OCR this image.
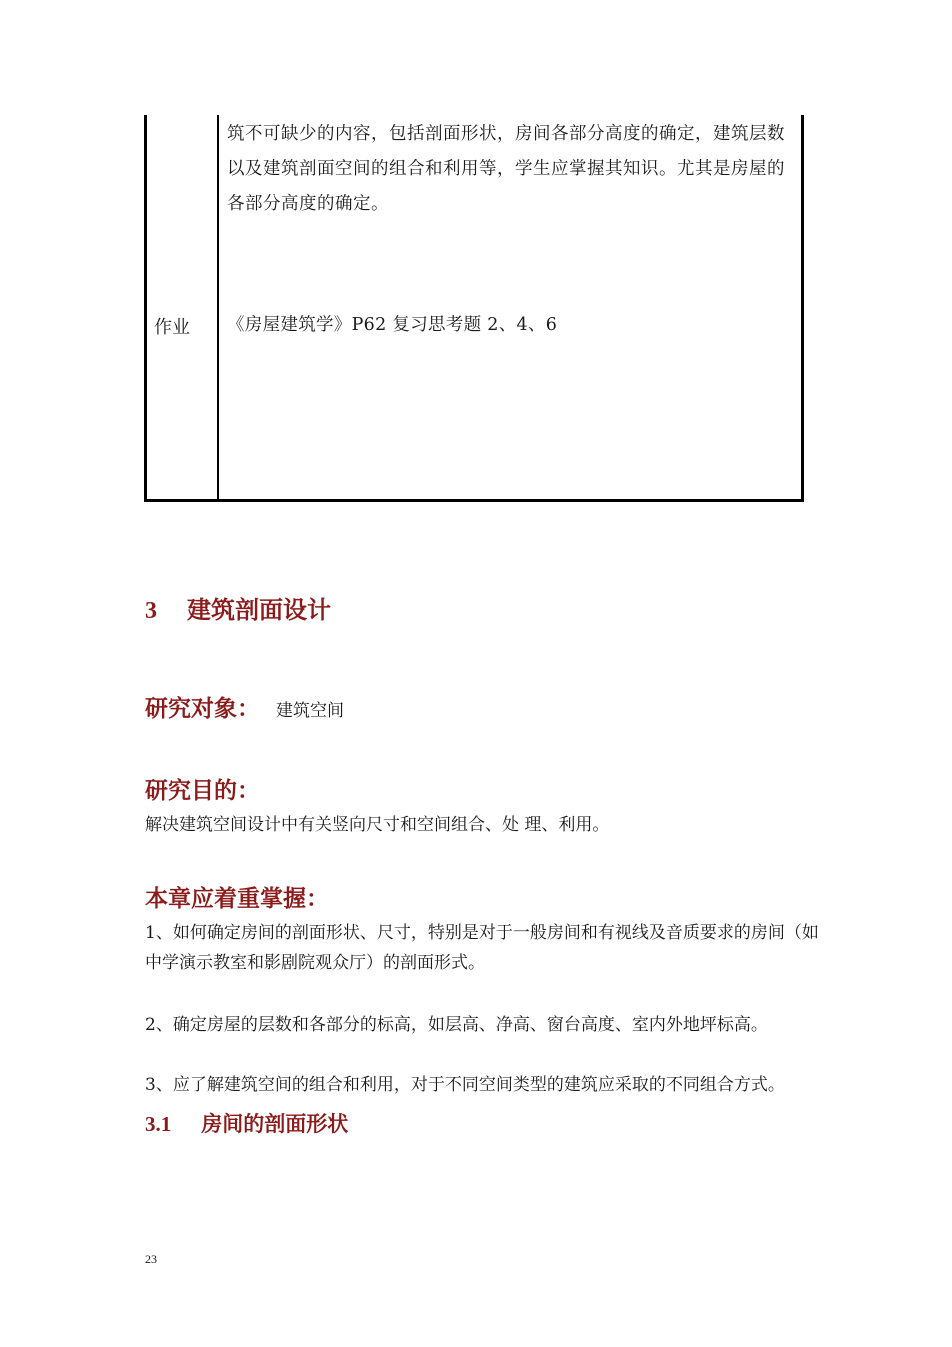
筑不可缺少的内容，包括剖面形状，房间各部分高度的确定，建筑层数以及建筑剖面空间的组合和利用等，学生应掌握其知识。尤其是房屋的各部分高度的确定。
作业 《房屋建筑学》P62 复习思考题 2、4、6
3 建筑剖面设计
研究对象： 建筑空间
研究目的：
解决建筑空间设计中有关竖向尺寸和空间组合、处 理、利用。
本章应着重掌握：
1、如何确定房间的剖面形状、尺寸，特别是对于一般房间和有视线及音质要求的房间（如中学演示教室和影剧院观众厅）的剖面形式。
2、确定房屋的层数和各部分的标高，如层高、净高、窗台高度、室内外地坪标高。
3、应了解建筑空间的组合和利用，对于不同空间类型的建筑应采取的不同组合方式。
3.1 房间的剖面形状
23
